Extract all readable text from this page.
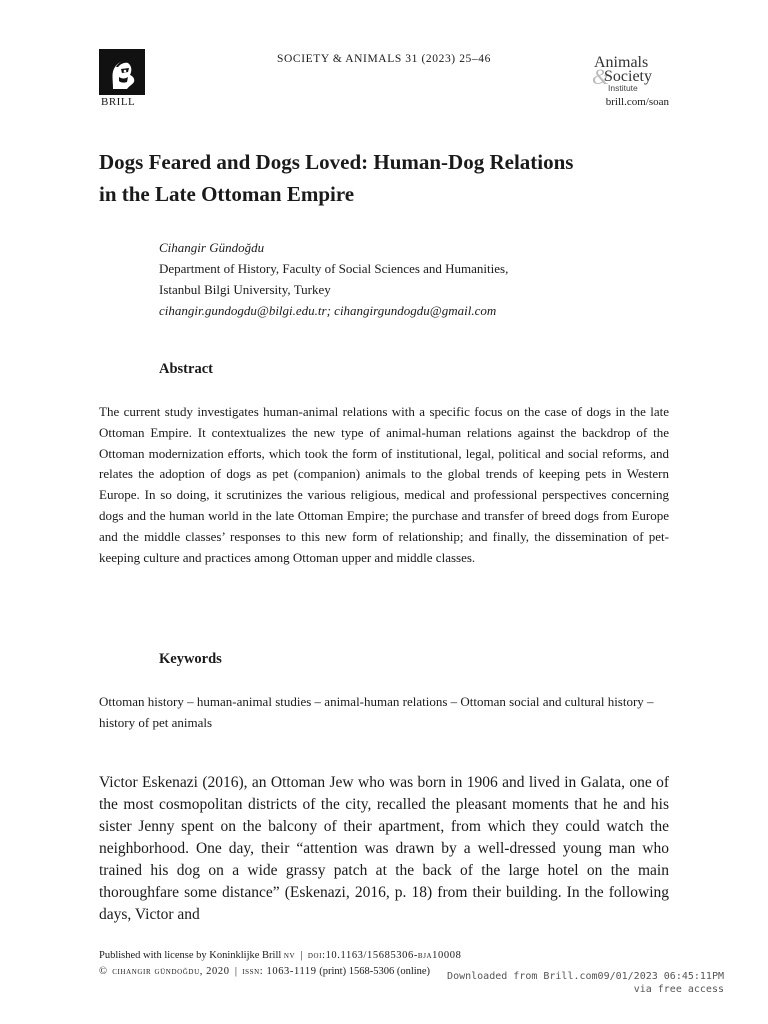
BRILL
SOCIETY & ANIMALS 31 (2023) 25–46	Animals
&
Society
Institute
brill.com/soan
Dogs Feared and Dogs Loved: Human-Dog Relations
in the Late Ottoman Empire
Cihangir Gündoğdu
Department of History, Faculty of Social Sciences and Humanities,
Istanbul Bilgi University, Turkey
cihangir.gundogdu@bilgi.edu.tr; cihangirgundogdu@gmail.com
Abstract
The current study investigates human-animal relations with a specific focus on the case of dogs in the late Ottoman Empire. It contextualizes the new type of animal-human relations against the backdrop of the Ottoman modernization efforts, which took the form of institutional, legal, political and social reforms, and relates the adoption of dogs as pet (companion) animals to the global trends of keeping pets in Western Europe. In so doing, it scrutinizes the various religious, medical and professional perspectives concerning dogs and the human world in the late Ottoman Empire; the purchase and transfer of breed dogs from Europe and the middle classes’ responses to this new form of relationship; and finally, the dissemination of pet-keeping culture and practices among Ottoman upper and middle classes.
Keywords
Ottoman history – human-animal studies – animal-human relations – Ottoman social and cultural history – history of pet animals
Victor Eskenazi (2016), an Ottoman Jew who was born in 1906 and lived in Galata, one of the most cosmopolitan districts of the city, recalled the pleasant moments that he and his sister Jenny spent on the balcony of their apartment, from which they could watch the neighborhood. One day, their “attention was drawn by a well-dressed young man who trained his dog on a wide grassy patch at the back of the large hotel on the main thoroughfare some distance” (Eskenazi, 2016, p. 18) from their building. In the following days, Victor and
Published with license by Koninklijke Brill nv | doi:10.1163/15685306-bja10008
© cihangir gündoğdu, 2020 | issn: 1063-1119 (print) 1568-5306 (online) Downloaded from Brill.com09/01/2023 06:45:11PM
via free access
